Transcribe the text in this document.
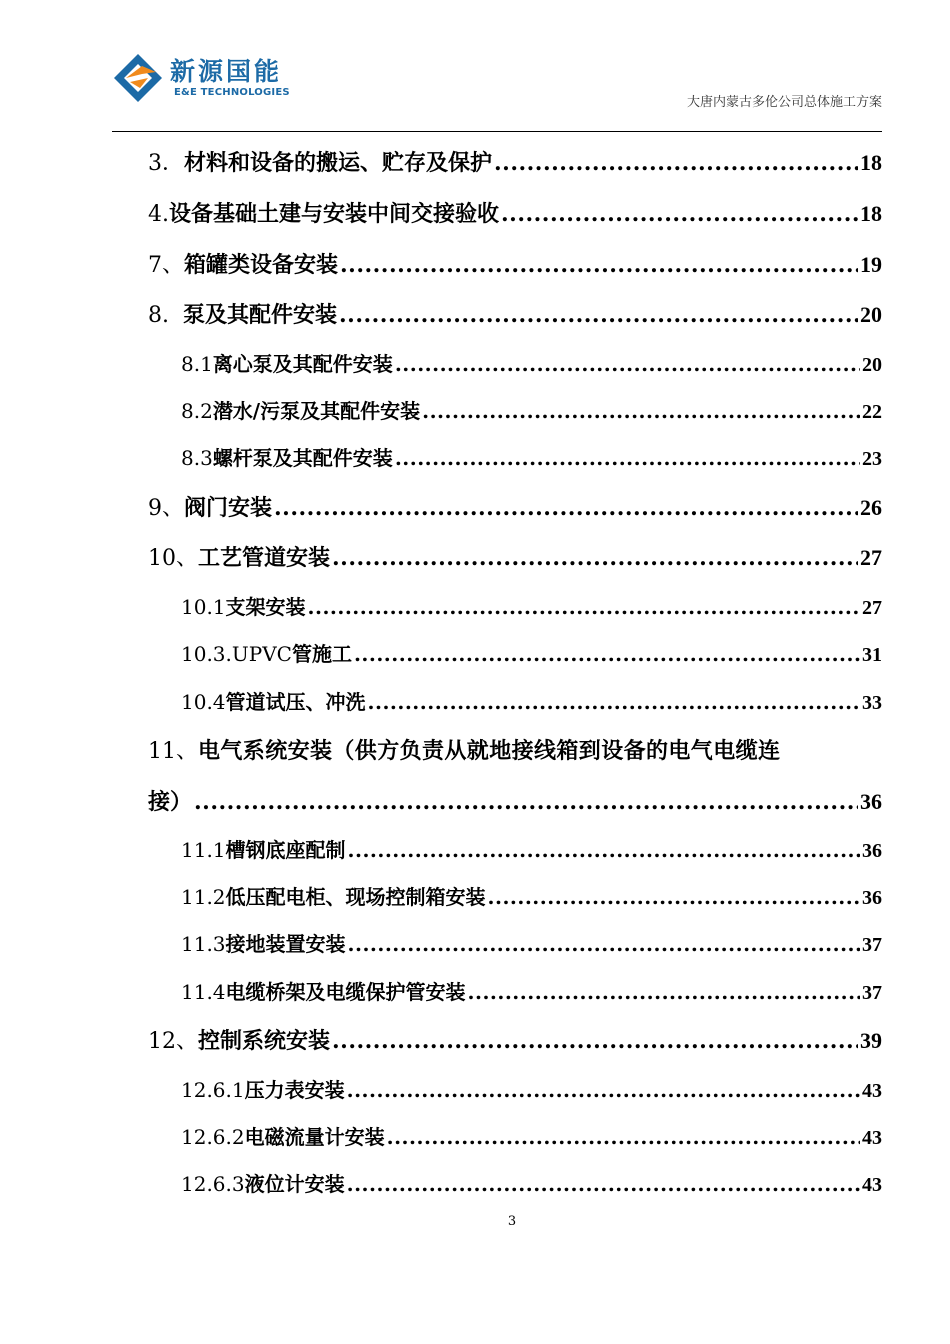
新源国能
E&E TECHNOLOGIES
大唐内蒙古多伦公司总体施工方案
3． 材料和设备的搬运、贮存及保护 .....	18
4. 设备基础土建与安装中间交接验收 .....	18
7、 箱罐类设备安装 .....	19
8. 泵及其配件安装 .....	20
8.1 离心泵及其配件安装 .....	20
8.2 潜水/污泵及其配件安装 .....	22
8.3 螺杆泵及其配件安装 .....	23
9、 阀门安装 .....	26
10、 工艺管道安装 .....	27
10.1 支架安装 .....	27
10.3.UPVC 管施工 .....	31
10.4 管道试压、冲洗 .....	33
11、电气系统安装（供方负责从就地接线箱到设备的电气电缆连
接） .....	36
11.1 槽钢底座配制 .....	36
11.2 低压配电柜、现场控制箱安装 .....	36
11.3 接地装置安装 .....	37
11.4 电缆桥架及电缆保护管安装 .....	37
12、 控制系统安装 .....	39
12.6.1 压力表安装 .....	43
12.6.2 电磁流量计安装 .....	43
12.6.3 液位计安装 .....	43
3
